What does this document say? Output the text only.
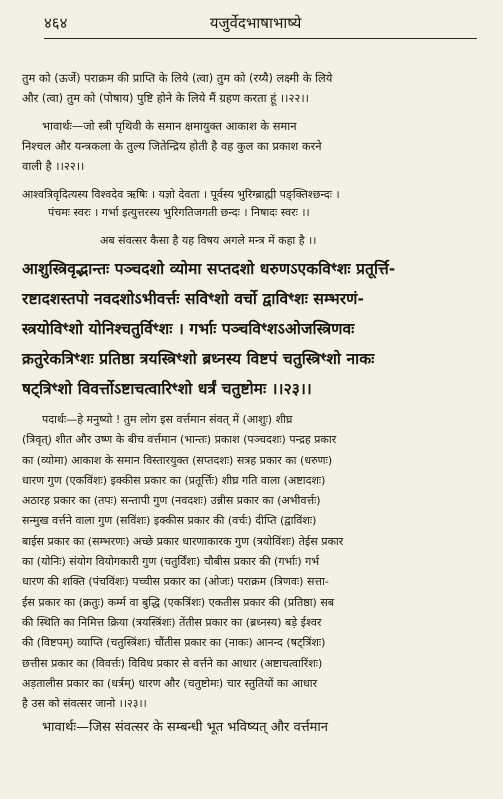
४६४	यजुर्वेदभाषाभाष्ये
तुम को (ऊर्जे) पराक्रम की प्राप्ति के लिये (त्वा) तुम को (रय्यै) लक्ष्मी के लिये
और (त्वा) तुम को (पोषाय) पुष्टि होने के लिये मैं ग्रहण करता हूं ।।२२।।
भावार्थः—जो स्त्री पृथिवी के समान क्षमायुक्त आकाश के समान
निश्चल और यन्त्रकला के तुल्य जितेन्द्रिय होती है वह कुल का प्रकाश करने
वाली है ।।२२।।
आश्वत्रिवृदित्यस्य विश्वदेव ऋषिः । यज्ञो देवता । पूर्वस्य भुरिग्ब्राह्मी पङ्क्तिश्छन्दः ।
पंचमः स्वरः । गर्भा इत्युत्तरस्य भुरिगतिजगती छन्दः । निषादः स्वरः ।।
अब संवत्सर कैसा है यह विषय अगले मन्त्र में कहा है ।।
आशुस्त्रिवृद्भान्तः पञ्चदशो व्योमा सप्तदशो धरुणऽएकविꣳशः प्रतूर्त्ति-
रष्टादशस्तपो नवदशोऽभीवर्त्तः सविꣳशो वर्चो द्वाविꣳशः सम्भरणं-
स्त्रयोविꣳशो योनिश्चतुर्विꣳशः । गर्भाः पञ्चविꣳशऽओजस्त्रिणवः
क्रतुरेकत्रिꣳशः प्रतिष्ठा त्रयस्त्रिꣳशो ब्रध्नस्य विष्टपं चतुस्त्रिꣳशो नाकः
षट्त्रिꣳशो विवर्त्तोऽष्टाचत्वारिꣳशो धर्त्रं चतुष्टोमः ।।२३।।
पदार्थः—हे मनुष्यो ! तुम लोग इस वर्त्तमान संवत् में (आशुः) शीघ्र
(त्रिवृत्) शीत और उष्ण के बीच वर्त्तमान (भान्तः) प्रकाश (पञ्चदशः) पन्द्रह प्रकार
का (व्योमा) आकाश के समान विस्तारयुक्त (सप्तदशः) सत्रह प्रकार का (धरुणः)
धारण गुण (एकविंशः) इक्कीस प्रकार का (प्रतूर्त्तिः) शीघ्र गति वाला (अष्टादशः)
अठारह प्रकार का (तपः) सन्तापी गुण (नवदशः) उन्नीस प्रकार का (अभीवर्त्तः)
सन्मुख वर्त्तने वाला गुण (सविंशः) इक्कीस प्रकार की (वर्चः) दीप्ति (द्वाविंशः)
बाईस प्रकार का (सम्भरणः) अच्छे प्रकार धारणाकारक गुण (त्रयोविंशः) तेईस प्रकार
का (योनिः) संयोग वियोगकारी गुण (चतुर्विंशः) चौबीस प्रकार की (गर्भाः) गर्भ
धारण की शक्ति (पंचविंशः) पच्चीस प्रकार का (ओजः) पराक्रम (त्रिणवः) सत्ता-
ईस प्रकार का (क्रतुः) कर्म्म वा बुद्धि (एकत्रिंशः) एकतीस प्रकार की (प्रतिष्ठा) सब
की स्थिति का निमित्त क्रिया (त्रयस्त्रिंशः) तेंतीस प्रकार का (ब्रध्नस्य) बड़े ईश्वर
की (विष्टपम्) व्याप्ति (चतुस्त्रिंशः) चौंतीस प्रकार का (नाकः) आनन्द (षट्त्रिंशः)
छत्तीस प्रकार का (विवर्त्तः) विविध प्रकार से वर्त्तने का आधार (अष्टाचत्वारिंशः)
अड़तालीस प्रकार का (धर्त्रम्) धारण और (चतुष्टोमः) चार स्तुतियों का आधार
है उस को संवत्सर जानो ।।२३।।
भावार्थः—जिस संवत्सर के सम्बन्धी भूत भविष्यत् और वर्त्तमान
